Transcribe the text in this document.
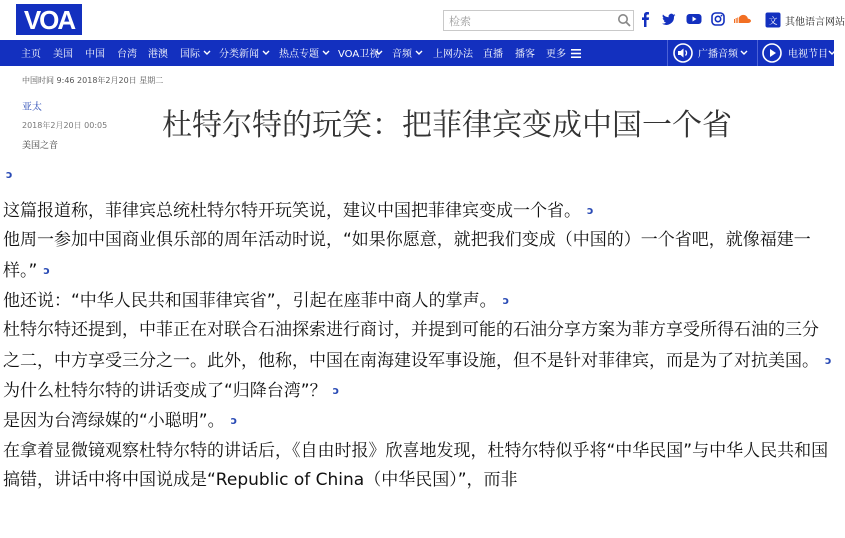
VOA	检索	文 其他语言网站
主页 美国 中国 台湾 港澳 国际 分类新闻 热点专题 VOA卫视 音频 上网办法 直播 播客 更多	广播音频	电视节目
中国时间 9:46 2018年2月20日 星期二
亚太
2018年2月20日 00:05
美国之音
杜特尔特的玩笑：把菲律宾变成中国一个省
ɔ

这篇报道称，菲律宾总统杜特尔特开玩笑说，建议中国把菲律宾变成一个省。 ɔ

他周一参加中国商业俱乐部的周年活动时说，“如果你愿意，就把我们变成（中国的）一个省吧，就像福建一样。” ɔ

他还说：“中华人民共和国菲律宾省”，引起在座菲中商人的掌声。 ɔ

杜特尔特还提到，中菲正在对联合石油探索进行商讨，并提到可能的石油分享方案为菲方享受所得石油的三分之二，中方享受三分之一。此外，他称，中国在南海建设军事设施，但不是针对菲律宾，而是为了对抗美国。 ɔ

为什么杜特尔特的讲话变成了“归降台湾”？ ɔ

是因为台湾绿媒的“小聪明”。 ɔ

在拿着显微镜观察杜特尔特的讲话后，《自由时报》欣喜地发现，杜特尔特似乎将“中华民国”与中华人民共和国搞错，讲话中将中国说成是“Republic of China（中华民国）”，而非
